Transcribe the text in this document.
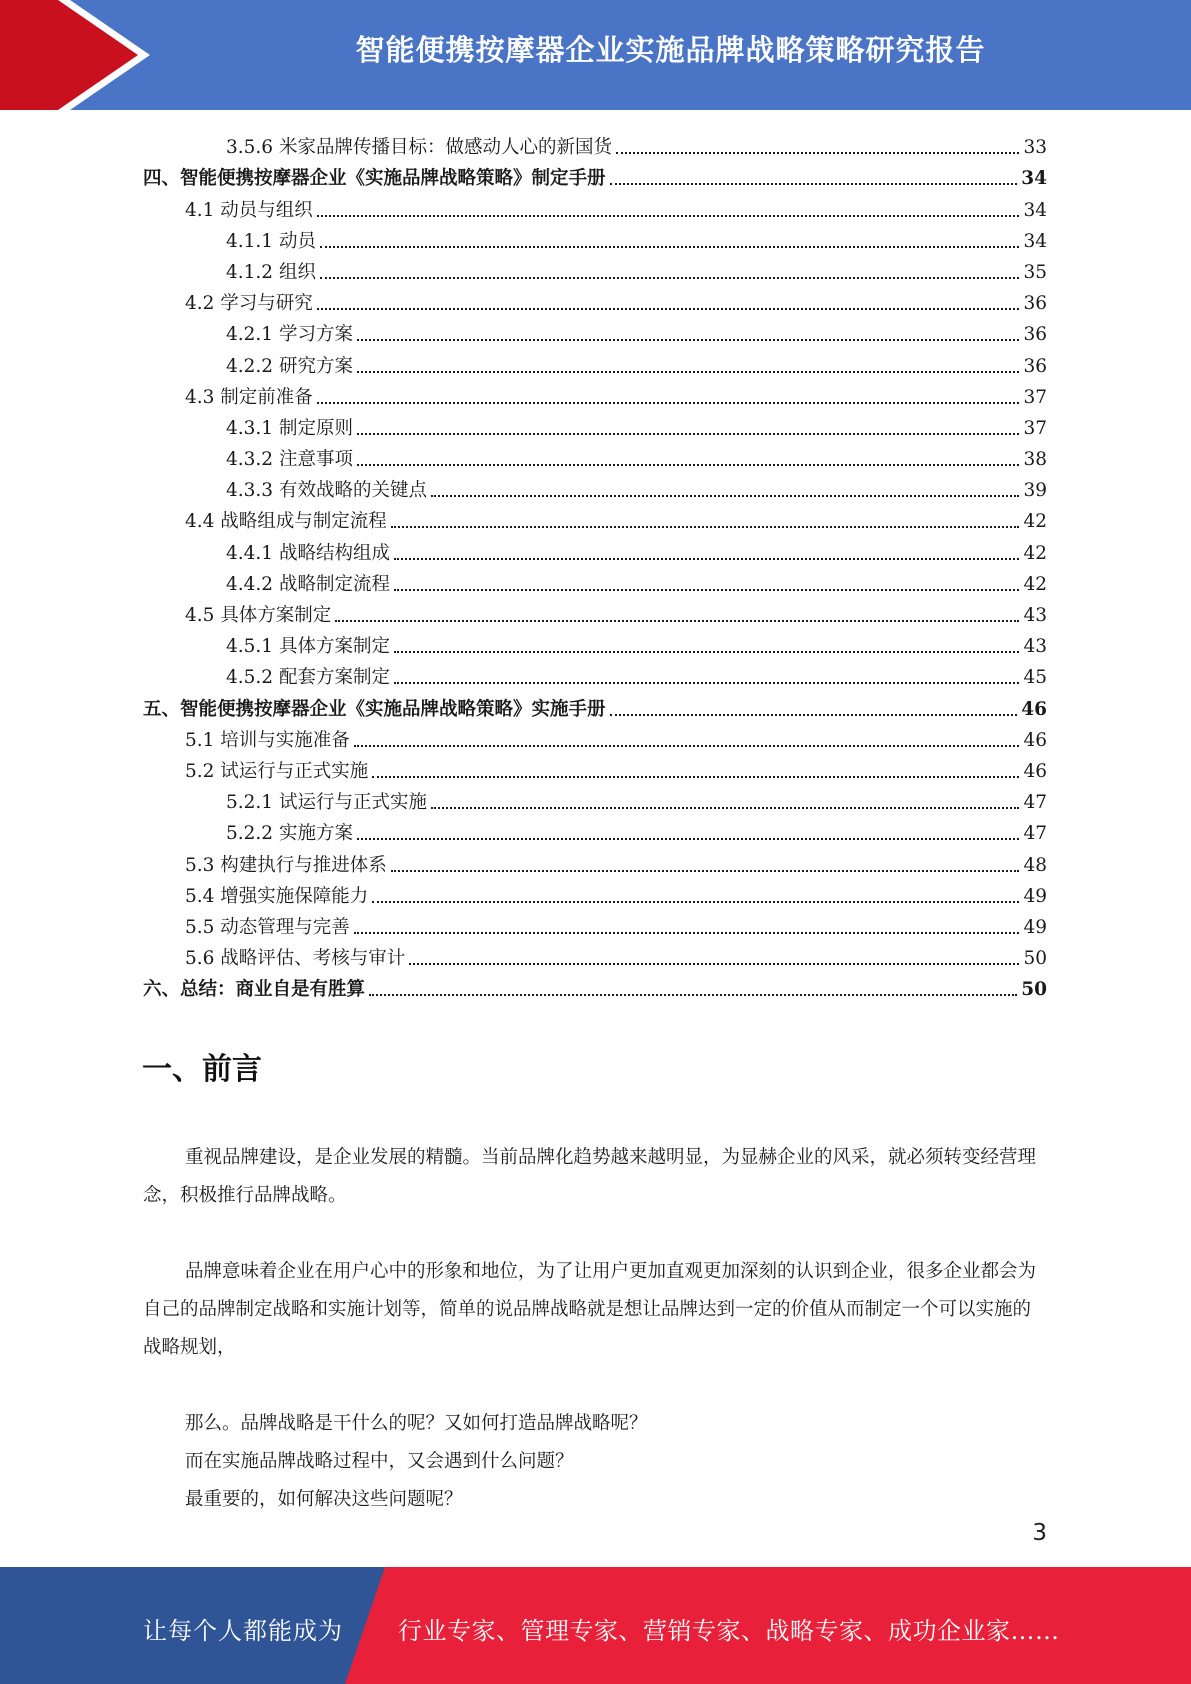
智能便携按摩器企业实施品牌战略策略研究报告
3.5.6 米家品牌传播目标：做感动人心的新国货	33
四、智能便携按摩器企业《实施品牌战略策略》制定手册	34
4.1 动员与组织	34
4.1.1 动员	34
4.1.2 组织	35
4.2 学习与研究	36
4.2.1 学习方案	36
4.2.2 研究方案	36
4.3 制定前准备	37
4.3.1 制定原则	37
4.3.2 注意事项	38
4.3.3 有效战略的关键点	39
4.4 战略组成与制定流程	42
4.4.1 战略结构组成	42
4.4.2 战略制定流程	42
4.5 具体方案制定	43
4.5.1 具体方案制定	43
4.5.2 配套方案制定	45
五、智能便携按摩器企业《实施品牌战略策略》实施手册	46
5.1 培训与实施准备	46
5.2 试运行与正式实施	46
5.2.1 试运行与正式实施	47
5.2.2 实施方案	47
5.3 构建执行与推进体系	48
5.4 增强实施保障能力	49
5.5 动态管理与完善	49
5.6 战略评估、考核与审计	50
六、总结：商业自是有胜算	50
一、前言

重视品牌建设，是企业发展的精髓。当前品牌化趋势越来越明显，为显赫企业的风采，就必须转变经营理念，积极推行品牌战略。

品牌意味着企业在用户心中的形象和地位，为了让用户更加直观更加深刻的认识到企业，很多企业都会为自己的品牌制定战略和实施计划等，简单的说品牌战略就是想让品牌达到一定的价值从而制定一个可以实施的战略规划，

那么。品牌战略是干什么的呢？又如何打造品牌战略呢？

而在实施品牌战略过程中，又会遇到什么问题？

最重要的，如何解决这些问题呢？

3
让每个人都能成为 行业专家、管理专家、营销专家、战略专家、成功企业家……
